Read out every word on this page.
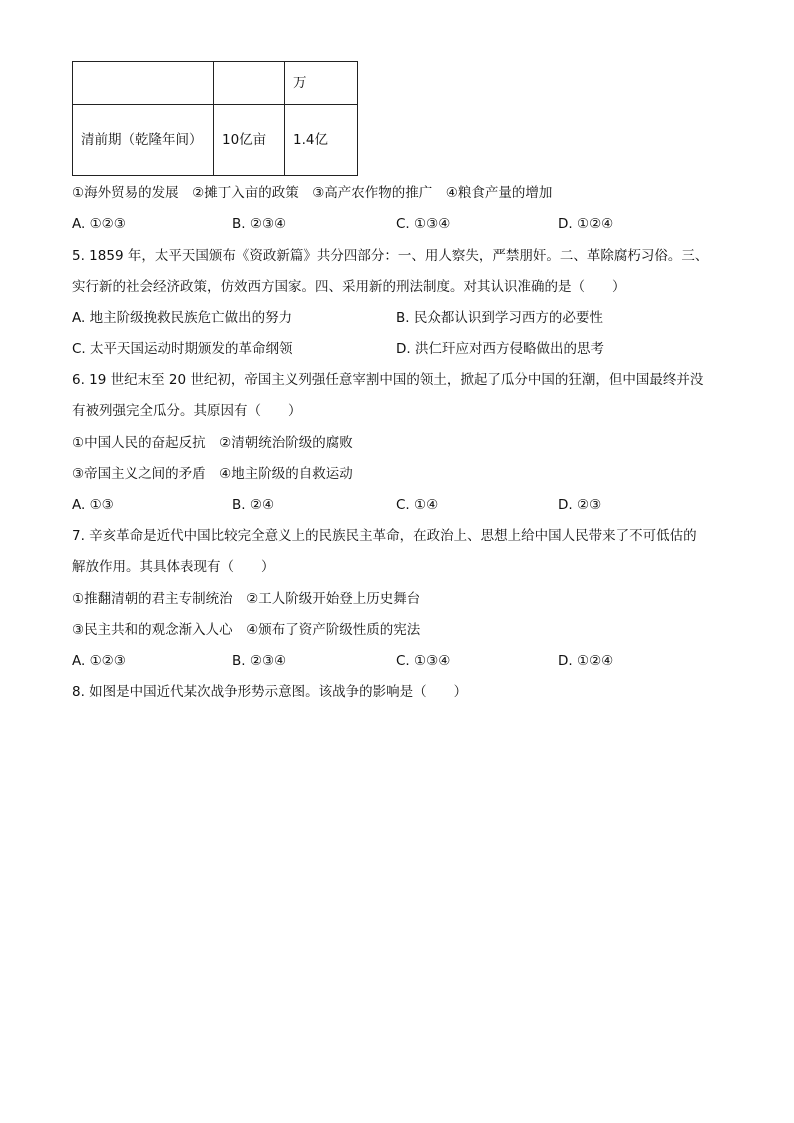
		万
清前期（乾隆年间）	10亿亩	1.4亿
①海外贸易的发展　②摊丁入亩的政策　③高产农作物的推广　④粮食产量的增加
A. ①②③	B. ②③④	C. ①③④	D. ①②④
5. 1859 年，太平天国颁布《资政新篇》共分四部分：一、用人察失，严禁朋奸。二、革除腐朽习俗。三、
实行新的社会经济政策，仿效西方国家。四、采用新的刑法制度。对其认识准确的是（　　）
A. 地主阶级挽救民族危亡做出的努力	B. 民众都认识到学习西方的必要性
C. 太平天国运动时期颁发的革命纲领	D. 洪仁玕应对西方侵略做出的思考
6. 19 世纪末至 20 世纪初，帝国主义列强任意宰割中国的领土，掀起了瓜分中国的狂潮，但中国最终并没
有被列强完全瓜分。其原因有（　　）
①中国人民的奋起反抗　②清朝统治阶级的腐败
③帝国主义之间的矛盾　④地主阶级的自救运动
A. ①③	B. ②④	C. ①④	D. ②③
7. 辛亥革命是近代中国比较完全意义上的民族民主革命，在政治上、思想上给中国人民带来了不可低估的
解放作用。其具体表现有（　　）
①推翻清朝的君主专制统治　②工人阶级开始登上历史舞台
③民主共和的观念渐入人心　④颁布了资产阶级性质的宪法
A. ①②③	B. ②③④	C. ①③④	D. ①②④
8. 如图是中国近代某次战争形势示意图。该战争的影响是（　　）
